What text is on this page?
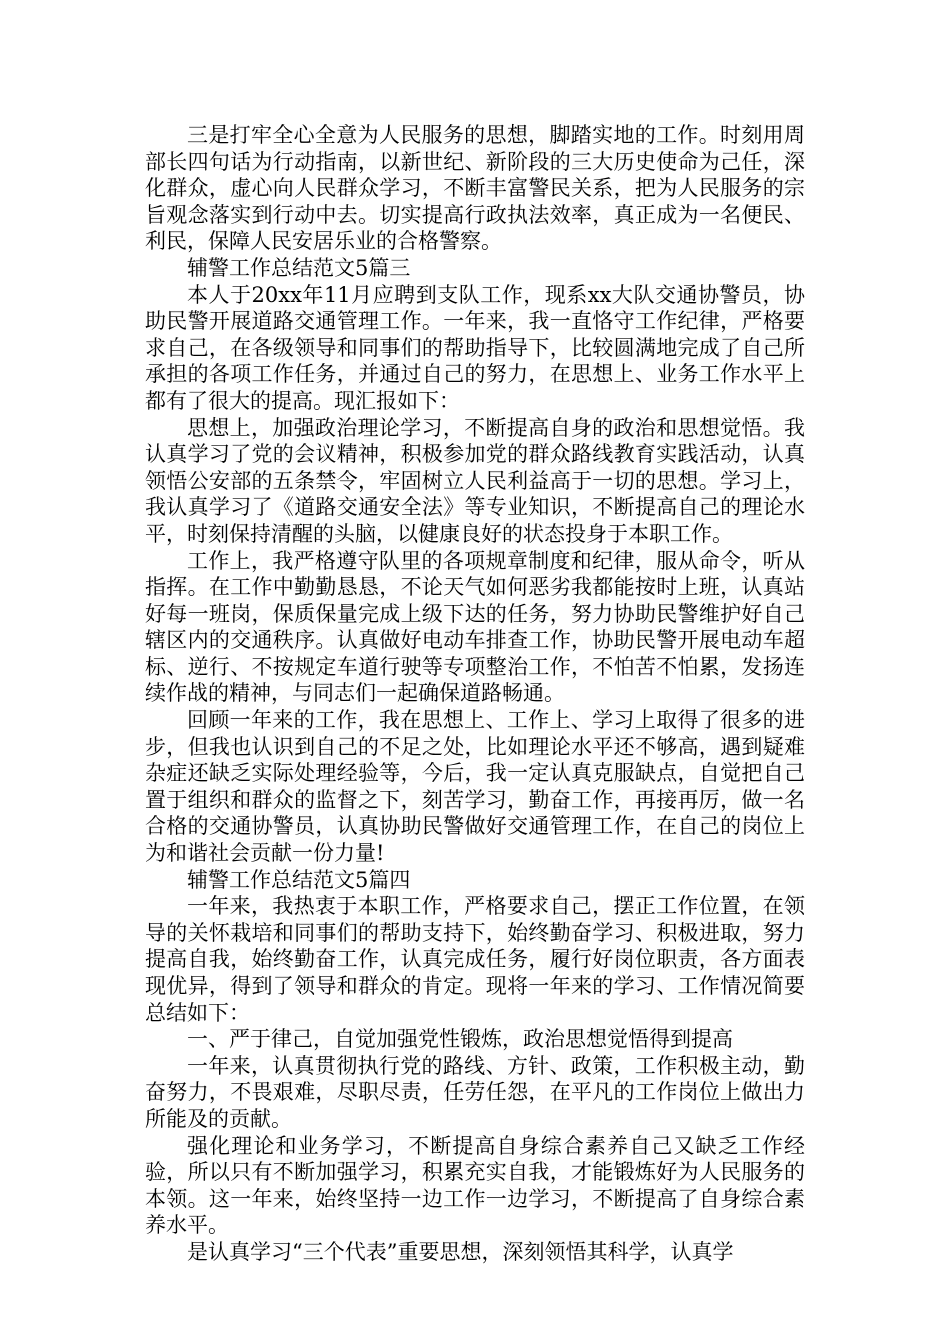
三是打牢全心全意为人民服务的思想，脚踏实地的工作。时刻用周部长四句话为行动指南，以新世纪、新阶段的三大历史使命为己任，深化群众，虚心向人民群众学习，不断丰富警民关系，把为人民服务的宗旨观念落实到行动中去。切实提高行政执法效率，真正成为一名便民、利民，保障人民安居乐业的合格警察。

辅警工作总结范文5篇三

本人于20xx年11月应聘到支队工作，现系xx大队交通协警员，协助民警开展道路交通管理工作。一年来，我一直恪守工作纪律，严格要求自己，在各级领导和同事们的帮助指导下，比较圆满地完成了自己所承担的各项工作任务，并通过自己的努力，在思想上、业务工作水平上都有了很大的提高。现汇报如下：

思想上，加强政治理论学习，不断提高自身的政治和思想觉悟。我认真学习了党的会议精神，积极参加党的群众路线教育实践活动，认真领悟公安部的五条禁令，牢固树立人民利益高于一切的思想。学习上，我认真学习了《道路交通安全法》等专业知识，不断提高自己的理论水平，时刻保持清醒的头脑，以健康良好的状态投身于本职工作。

工作上，我严格遵守队里的各项规章制度和纪律，服从命令，听从指挥。在工作中勤勤恳恳，不论天气如何恶劣我都能按时上班，认真站好每一班岗，保质保量完成上级下达的任务，努力协助民警维护好自己辖区内的交通秩序。认真做好电动车排查工作，协助民警开展电动车超标、逆行、不按规定车道行驶等专项整治工作，不怕苦不怕累，发扬连续作战的精神，与同志们一起确保道路畅通。

回顾一年来的工作，我在思想上、工作上、学习上取得了很多的进步，但我也认识到自己的不足之处，比如理论水平还不够高，遇到疑难杂症还缺乏实际处理经验等，今后，我一定认真克服缺点，自觉把自己置于组织和群众的监督之下，刻苦学习，勤奋工作，再接再厉，做一名合格的交通协警员，认真协助民警做好交通管理工作，在自己的岗位上为和谐社会贡献一份力量!

辅警工作总结范文5篇四

一年来，我热衷于本职工作，严格要求自己，摆正工作位置，在领导的关怀栽培和同事们的帮助支持下，始终勤奋学习、积极进取，努力提高自我，始终勤奋工作，认真完成任务，履行好岗位职责，各方面表现优异，得到了领导和群众的肯定。现将一年来的学习、工作情况简要总结如下：

一、严于律己，自觉加强党性锻炼，政治思想觉悟得到提高

一年来，认真贯彻执行党的路线、方针、政策，工作积极主动，勤奋努力，不畏艰难，尽职尽责，任劳任怨，在平凡的工作岗位上做出力所能及的贡献。

强化理论和业务学习，不断提高自身综合素养自己又缺乏工作经验，所以只有不断加强学习，积累充实自我，才能锻炼好为人民服务的本领。这一年来，始终坚持一边工作一边学习，不断提高了自身综合素养水平。

是认真学习“三个代表”重要思想，深刻领悟其科学，认真学
